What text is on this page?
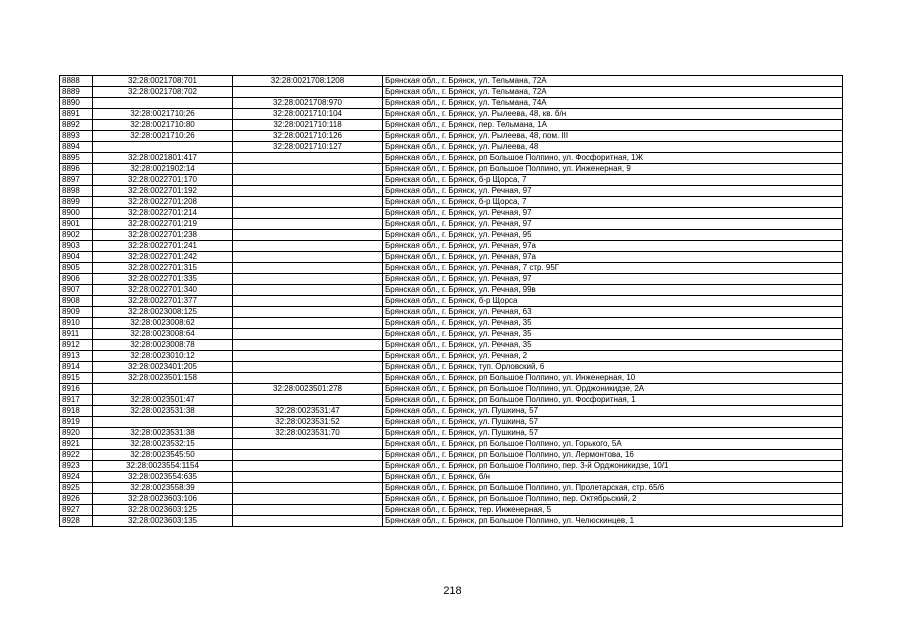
8888	32:28:0021708:701	32:28:0021708:1208	Брянская обл., г. Брянск, ул. Тельмана, 72А
8889	32:28:0021708:702		Брянская обл., г. Брянск, ул. Тельмана, 72А
8890		32:28:0021708:970	Брянская обл., г. Брянск, ул. Тельмана, 74А
8891	32:28:0021710:26	32:28:0021710:104	Брянская обл., г. Брянск, ул. Рылеева, 48, кв. б/н
8892	32:28:0021710:80	32:28:0021710:118	Брянская обл., г. Брянск, пер. Тельмана, 1А
8893	32:28:0021710:26	32:28:0021710:126	Брянская обл., г. Брянск, ул. Рылеева, 48, пом. III
8894		32:28:0021710:127	Брянская обл., г. Брянск, ул. Рылеева, 48
8895	32:28:0021801:417		Брянская обл., г. Брянск, рп Большое Полпино, ул. Фосфоритная, 1Ж
8896	32:28:0021902:14		Брянская обл., г. Брянск, рп Большое Полпино, ул. Инженерная, 9
8897	32:28:0022701:170		Брянская обл., г. Брянск, б-р Щорса, 7
8898	32:28:0022701:192		Брянская обл., г. Брянск, ул. Речная, 97
8899	32:28:0022701:208		Брянская обл., г. Брянск, б-р Щорса, 7
8900	32:28:0022701:214		Брянская обл., г. Брянск, ул. Речная, 97
8901	32:28:0022701:219		Брянская обл., г. Брянск, ул. Речная, 97
8902	32:28:0022701:238		Брянская обл., г. Брянск, ул. Речная, 95
8903	32:28:0022701:241		Брянская обл., г. Брянск, ул. Речная, 97а
8904	32:28:0022701:242		Брянская обл., г. Брянск, ул. Речная, 97а
8905	32:28:0022701:315		Брянская обл., г. Брянск, ул. Речная, 7 стр. 95Г
8906	32:28:0022701:335		Брянская обл., г. Брянск, ул. Речная, 97
8907	32:28:0022701:340		Брянская обл., г. Брянск, ул. Речная, 99в
8908	32:28:0022701:377		Брянская обл., г. Брянск, б-р Щорса
8909	32:28:0023008:125		Брянская обл., г. Брянск, ул. Речная, 63
8910	32:28:0023008:62		Брянская обл., г. Брянск, ул. Речная, 35
8911	32:28:0023008:64		Брянская обл., г. Брянск, ул. Речная, 35
8912	32:28:0023008:78		Брянская обл., г. Брянск, ул. Речная, 35
8913	32:28:0023010:12		Брянская обл., г. Брянск, ул. Речная, 2
8914	32:28:0023401:205		Брянская обл., г. Брянск, туп. Орловский, 6
8915	32:28:0023501:158		Брянская обл., г. Брянск, рп Большое Полпино, ул. Инженерная, 10
8916		32:28:0023501:278	Брянская обл., г. Брянск, рп Большое Полпино, ул. Орджоникидзе, 2А
8917	32:28:0023501:47		Брянская обл., г. Брянск, рп Большое Полпино, ул. Фосфоритная, 1
8918	32:28:0023531:38	32:28:0023531:47	Брянская обл., г. Брянск, ул. Пушкина, 57
8919		32:28:0023531:52	Брянская обл., г. Брянск, ул. Пушкина, 57
8920	32:28:0023531:38	32:28:0023531:70	Брянская обл., г. Брянск, ул. Пушкина, 57
8921	32:28:0023532:15		Брянская обл., г. Брянск, рп Большое Полпино, ул. Горького, 5А
8922	32:28:0023545:50		Брянская обл., г. Брянск, рп Большое Полпино, ул. Лермонтова, 16
8923	32:28:0023554:1154		Брянская обл., г. Брянск, рп Большое Полпино, пер. 3-й Орджоникидзе, 10/1
8924	32:28:0023554:635		Брянская обл., г. Брянск, б/н
8925	32:28:0023558:39		Брянская обл., г. Брянск, рп Большое Полпино, ул. Пролетарская, стр. 65/6
8926	32:28:0023603:106		Брянская обл., г. Брянск, рп Большое Полпино, пер. Октябрьский, 2
8927	32:28:0023603:125		Брянская обл., г. Брянск, тер. Инженерная, 5
8928	32:28:0023603:135		Брянская обл., г. Брянск, рп Большое Полпино, ул. Челюскинцев, 1
218
